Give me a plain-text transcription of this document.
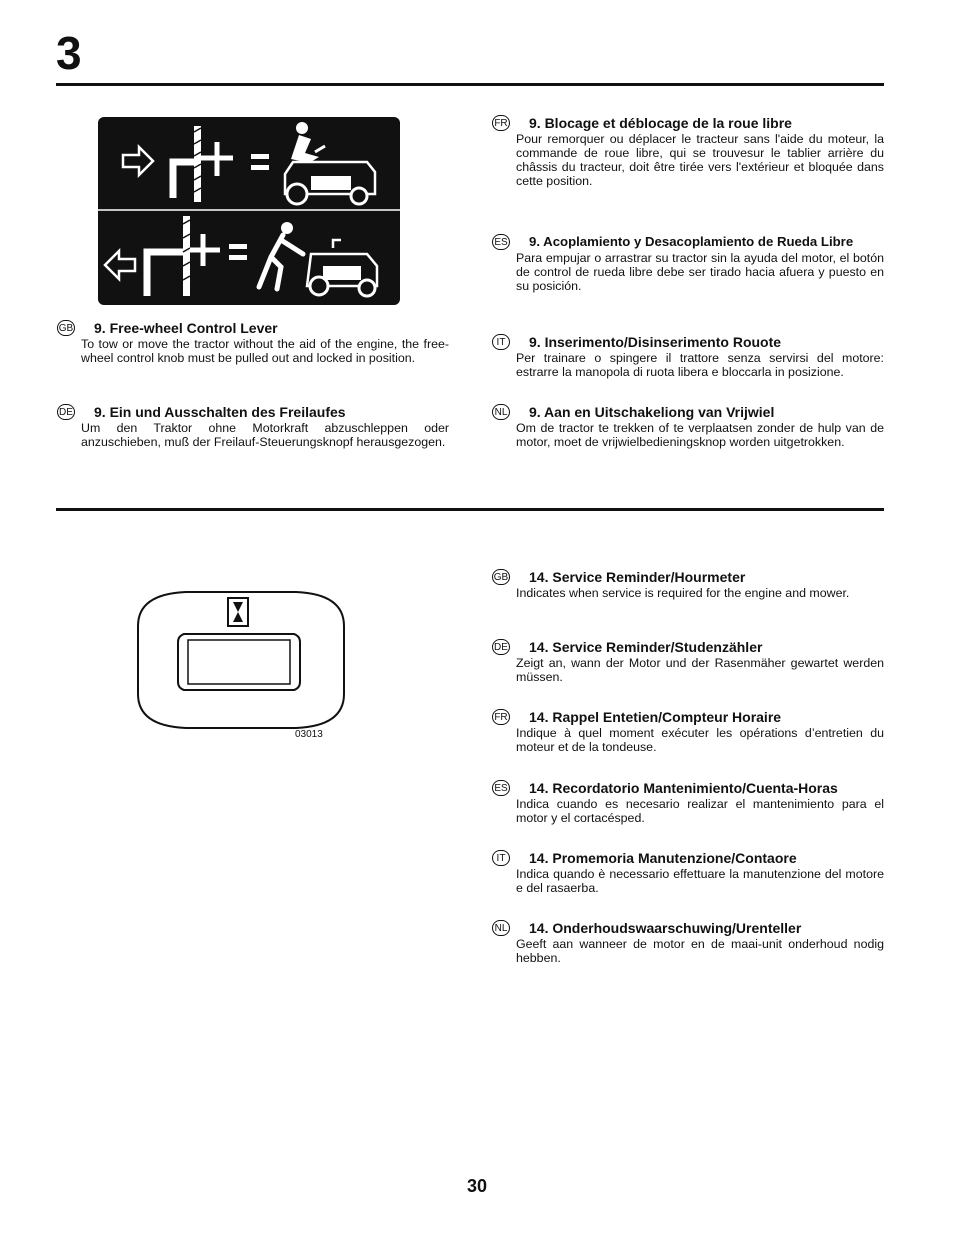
3
02203
GB 9. Free-wheel Control Lever
To tow or move the tractor without the aid of the engine, the free-wheel control knob must be pulled out and locked in position.
DE 9. Ein und Ausschalten des Freilaufes
Um den Traktor ohne Motorkraft abzuschleppen oder anzuschieben, muß der Freilauf-Steuerungsknopf herausgezogen.
FR 9. Blocage et déblocage de la roue libre
Pour remorquer ou déplacer le tracteur sans l'aide du moteur, la commande de roue libre, qui se trouvesur le tablier arrière du châssis du tracteur, doit être tirée vers l'extérieur et bloquée dans cette position.
ES 9. Acoplamiento y Desacoplamiento de Rueda Libre
Para empujar o arrastrar su tractor sin la ayuda del motor, el botón de control de rueda libre debe ser tirado hacia afuera y puesto en su posición.
IT	9. Inserimento/Disinserimento Rouote
Per trainare o spingere il trattore senza servirsi del motore: estrarre la manopola di ruota libera e bloccarla in posizione.
NL 9. Aan en Uitschakeliong van Vrijwiel
Om de tractor te trekken of te verplaatsen zonder de hulp van de motor, moet de vrijwielbedieningsknop worden uitgetrokken.
03013
GB 14. Service Reminder/Hourmeter
Indicates when service is required for the engine and mower.
DE 14. Service Reminder/Studenzähler
Zeigt an, wann der Motor und der Rasenmäher gewartet werden müssen.
FR 14. Rappel Entetien/Compteur Horaire
Indique à quel moment exécuter les opérations d’entretien du moteur et de la tondeuse.
ES 14. Recordatorio Mantenimiento/Cuenta-Horas
Indica cuando es necesario realizar el mantenimiento para el motor y el cortacésped.
IT	14. Promemoria Manutenzione/Contaore
Indica quando è necessario effettuare la manutenzione del motore e del rasaerba.
NL 14. Onderhoudswaarschuwing/Urenteller
Geeft aan wanneer de motor en de maai-unit onderhoud nodig hebben.
30
